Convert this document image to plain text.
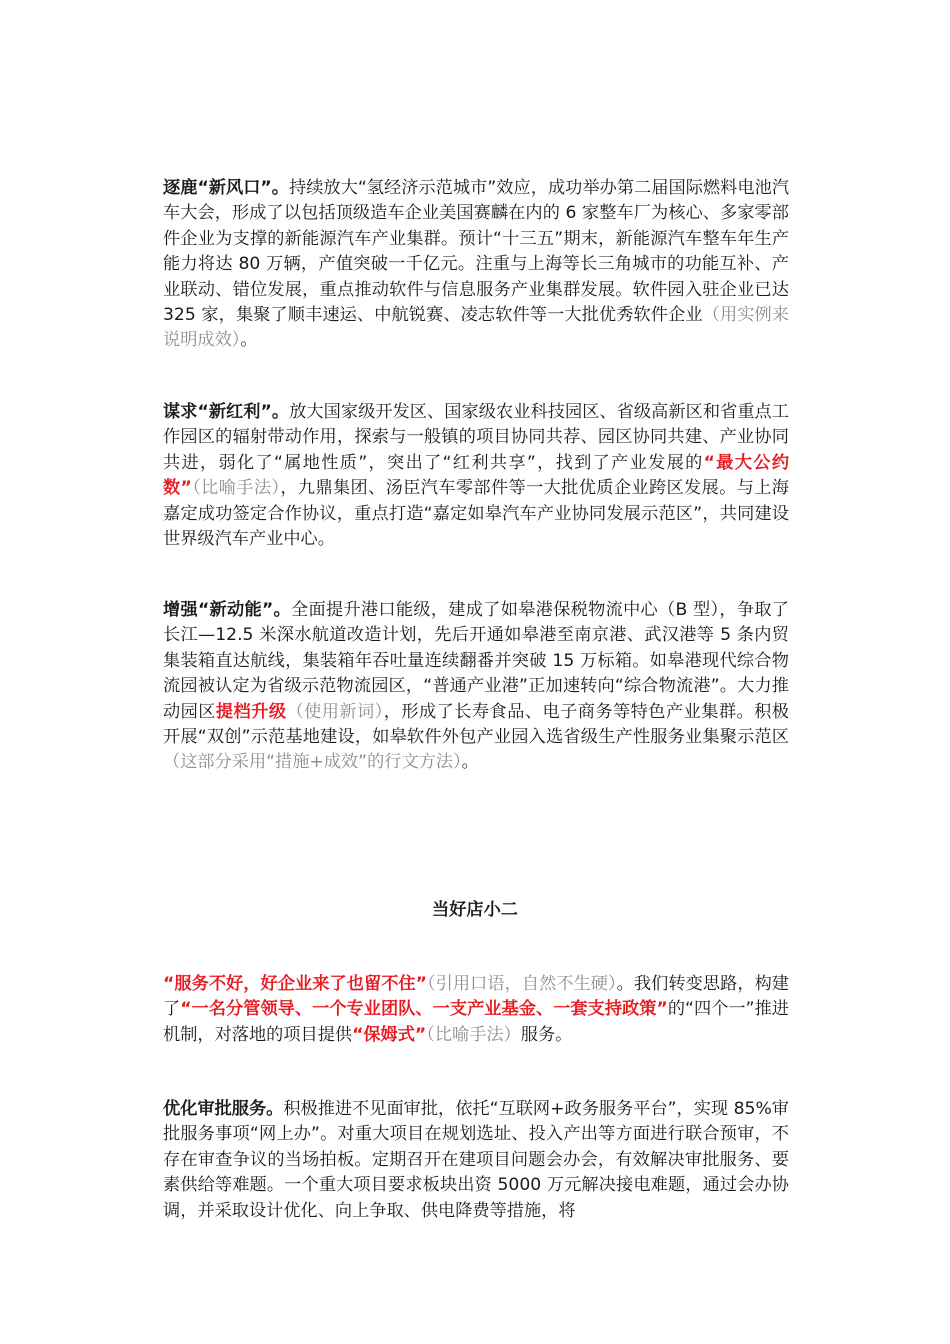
逐鹿“新风口”。持续放大“氢经济示范城市”效应，成功举办第二届国际燃料电池汽车大会，形成了以包括顶级造车企业美国赛麟在内的 6 家整车厂为核心、多家零部件企业为支撑的新能源汽车产业集群。预计“十三五”期末，新能源汽车整车年生产能力将达 80 万辆，产值突破一千亿元。注重与上海等长三角城市的功能互补、产业联动、错位发展，重点推动软件与信息服务产业集群发展。软件园入驻企业已达 325 家，集聚了顺丰速运、中航锐赛、凌志软件等一大批优秀软件企业（用实例来说明成效）。

谋求“新红利”。放大国家级开发区、国家级农业科技园区、省级高新区和省重点工作园区的辐射带动作用，探索与一般镇的项目协同共荐、园区协同共建、产业协同共进，弱化了“属地性质”，突出了“红利共享”，找到了产业发展的“最大公约数”（比喻手法），九鼎集团、汤臣汽车零部件等一大批优质企业跨区发展。与上海嘉定成功签定合作协议，重点打造“嘉定如皋汽车产业协同发展示范区”，共同建设世界级汽车产业中心。

增强“新动能”。全面提升港口能级，建成了如皋港保税物流中心（B 型），争取了长江—12.5 米深水航道改造计划，先后开通如皋港至南京港、武汉港等 5 条内贸集装箱直达航线，集装箱年吞吐量连续翻番并突破 15 万标箱。如皋港现代综合物流园被认定为省级示范物流园区，“普通产业港”正加速转向“综合物流港”。大力推动园区提档升级（使用新词），形成了长寿食品、电子商务等特色产业集群。积极开展“双创”示范基地建设，如皋软件外包产业园入选省级生产性服务业集聚示范区（这部分采用“措施+成效”的行文方法）。

当好店小二

“服务不好，好企业来了也留不住”（引用口语，自然不生硬）。我们转变思路，构建了“一名分管领导、一个专业团队、一支产业基金、一套支持政策”的“四个一”推进机制，对落地的项目提供“保姆式”（比喻手法）服务。

优化审批服务。积极推进不见面审批，依托“互联网+政务服务平台”，实现 85%审批服务事项“网上办”。对重大项目在规划选址、投入产出等方面进行联合预审，不存在审查争议的当场拍板。定期召开在建项目问题会办会，有效解决审批服务、要素供给等难题。一个重大项目要求板块出资 5000 万元解决接电难题，通过会办协调，并采取设计优化、向上争取、供电降费等措施，将
